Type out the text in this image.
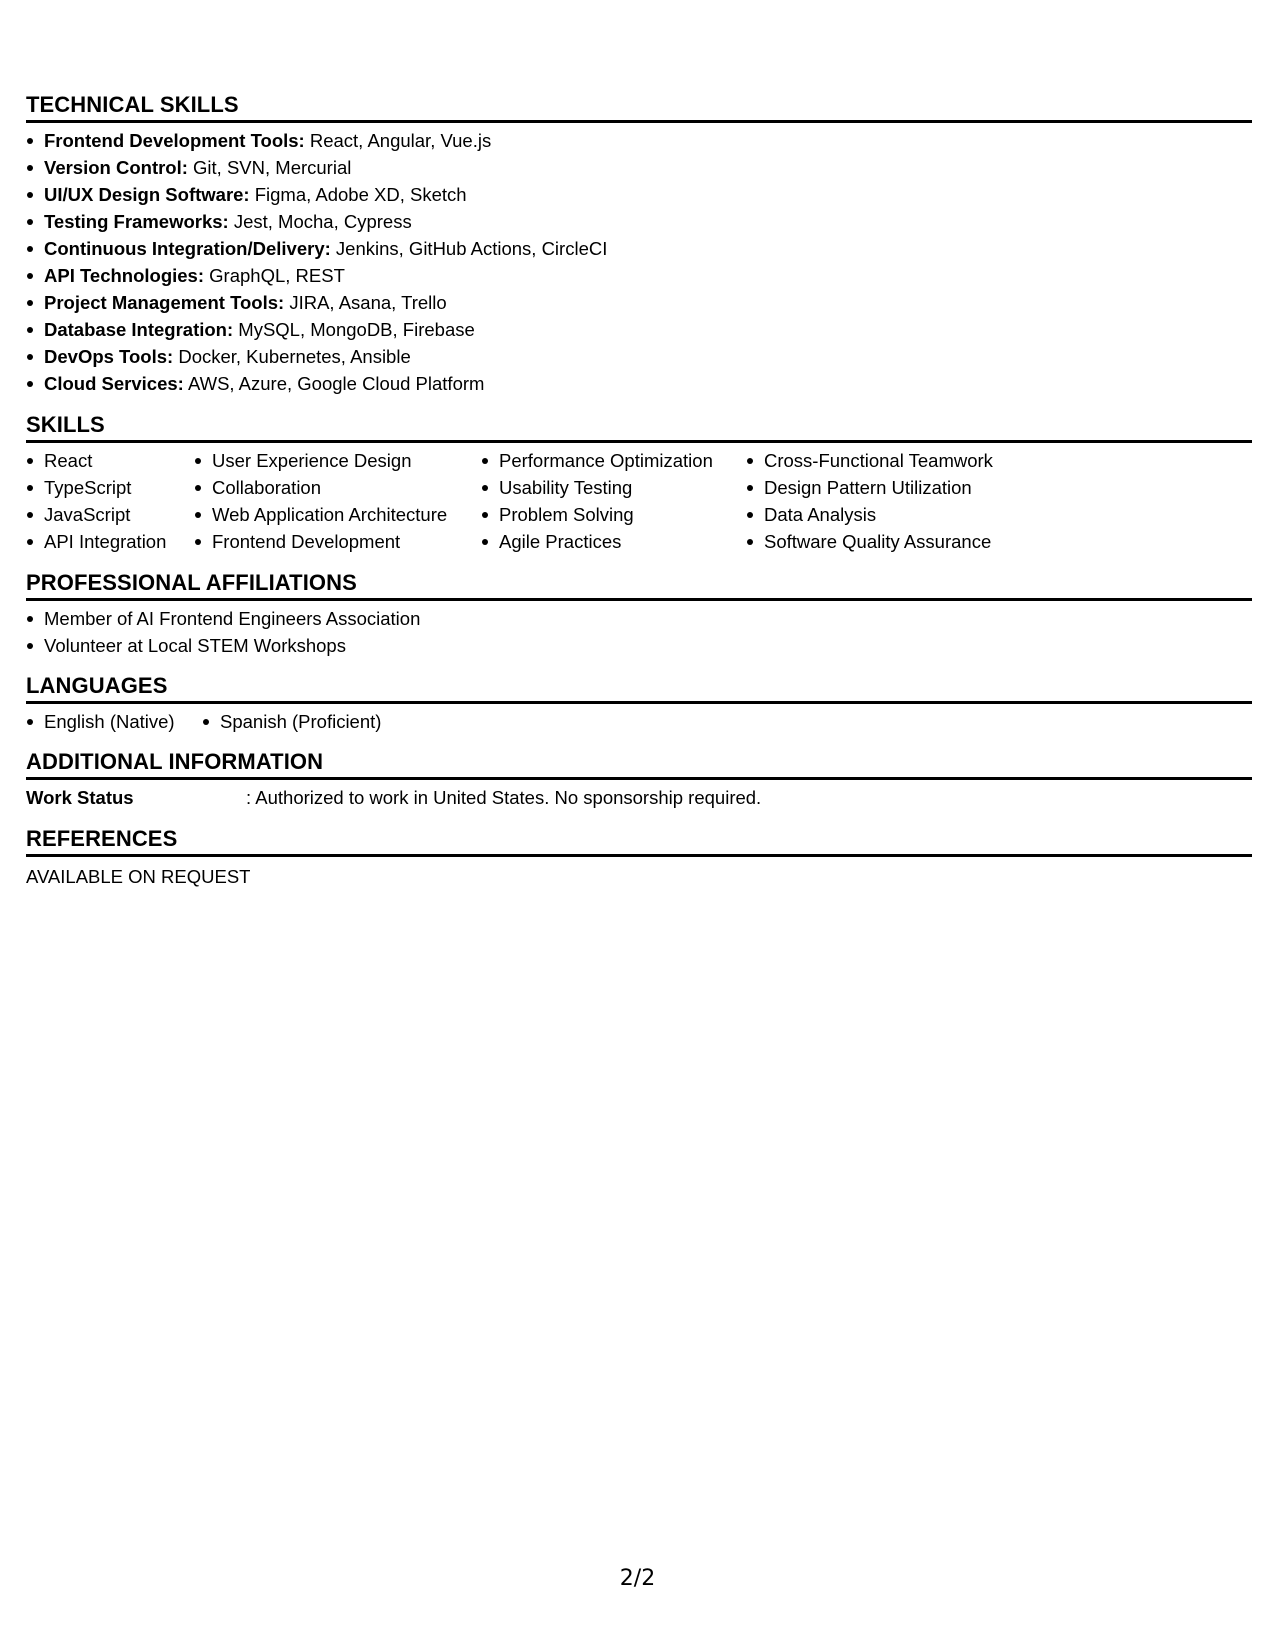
TECHNICAL SKILLS
Frontend Development Tools: React, Angular, Vue.js
Version Control: Git, SVN, Mercurial
UI/UX Design Software: Figma, Adobe XD, Sketch
Testing Frameworks: Jest, Mocha, Cypress
Continuous Integration/Delivery: Jenkins, GitHub Actions, CircleCI
API Technologies: GraphQL, REST
Project Management Tools: JIRA, Asana, Trello
Database Integration: MySQL, MongoDB, Firebase
DevOps Tools: Docker, Kubernetes, Ansible
Cloud Services: AWS, Azure, Google Cloud Platform
SKILLS
React
TypeScript
JavaScript
API Integration
User Experience Design
Collaboration
Web Application Architecture
Frontend Development
Performance Optimization
Usability Testing
Problem Solving
Agile Practices
Cross-Functional Teamwork
Design Pattern Utilization
Data Analysis
Software Quality Assurance
PROFESSIONAL AFFILIATIONS
Member of AI Frontend Engineers Association
Volunteer at Local STEM Workshops
LANGUAGES
English (Native)	Spanish (Proficient)
ADDITIONAL INFORMATION
Work Status	: Authorized to work in United States. No sponsorship required.
REFERENCES
AVAILABLE ON REQUEST
2/2
